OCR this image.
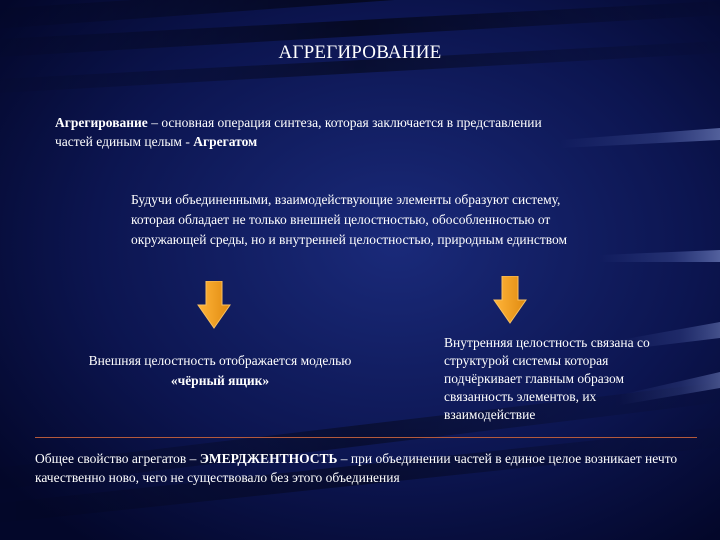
АГРЕГИРОВАНИЕ

Агрегирование – основная операция синтеза, которая заключается в представлении частей единым целым - Агрегатом

Будучи объединенными, взаимодействующие элементы образуют систему, которая обладает не только внешней целостностью, обособленностью от окружающей среды, но и внутренней целостностью, природным единством

Внешняя целостность отображается моделью
«чёрный ящик»

Внутренняя целостность связана со структурой системы которая подчёркивает главным образом связанность элементов, их взаимодействие

Общее свойство агрегатов – ЭМЕРДЖЕНТНОСТЬ – при объединении частей в единое целое возникает нечто качественно ново, чего не существовало без этого объединения
